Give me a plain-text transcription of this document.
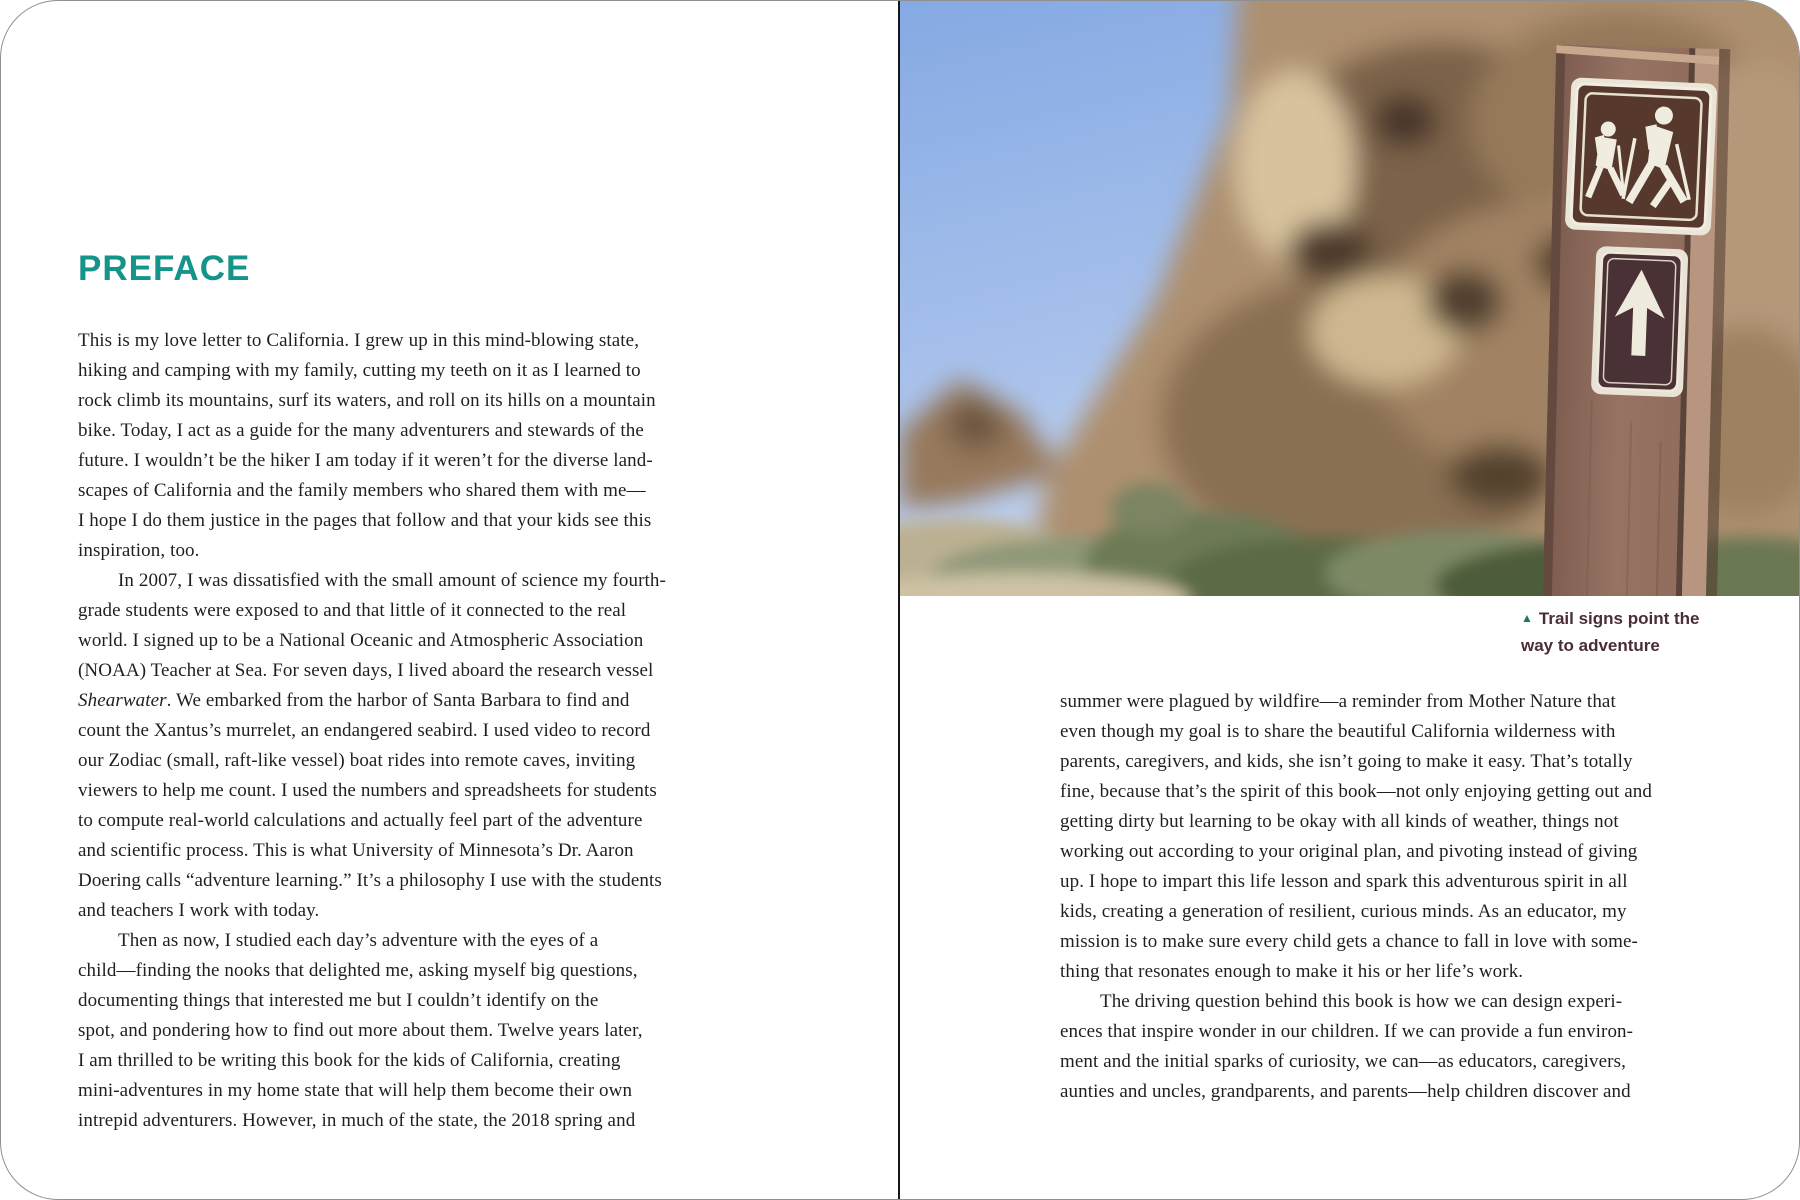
PREFACE
This is my love letter to California. I grew up in this mind-blowing state,
hiking and camping with my family, cutting my teeth on it as I learned to
rock climb its mountains, surf its waters, and roll on its hills on a mountain
bike. Today, I act as a guide for the many adventurers and stewards of the
future. I wouldn’t be the hiker I am today if it weren’t for the diverse land-
scapes of California and the family members who shared them with me—
I hope I do them justice in the pages that follow and that your kids see this
inspiration, too.
In 2007, I was dissatisfied with the small amount of science my fourth-
grade students were exposed to and that little of it connected to the real
world. I signed up to be a National Oceanic and Atmospheric Association
(NOAA) Teacher at Sea. For seven days, I lived aboard the research vessel
Shearwater. We embarked from the harbor of Santa Barbara to find and
count the Xantus’s murrelet, an endangered seabird. I used video to record
our Zodiac (small, raft-like vessel) boat rides into remote caves, inviting
viewers to help me count. I used the numbers and spreadsheets for students
to compute real-world calculations and actually feel part of the adventure
and scientific process. This is what University of Minnesota’s Dr. Aaron
Doering calls “adventure learning.” It’s a philosophy I use with the students
and teachers I work with today.
Then as now, I studied each day’s adventure with the eyes of a
child—finding the nooks that delighted me, asking myself big questions,
documenting things that interested me but I couldn’t identify on the
spot, and pondering how to find out more about them. Twelve years later,
I am thrilled to be writing this book for the kids of California, creating
mini-adventures in my home state that will help them become their own
intrepid adventurers. However, in much of the state, the 2018 spring and
▲ Trail signs point the
way to adventure
summer were plagued by wildfire—a reminder from Mother Nature that
even though my goal is to share the beautiful California wilderness with
parents, caregivers, and kids, she isn’t going to make it easy. That’s totally
fine, because that’s the spirit of this book—not only enjoying getting out and
getting dirty but learning to be okay with all kinds of weather, things not
working out according to your original plan, and pivoting instead of giving
up. I hope to impart this life lesson and spark this adventurous spirit in all
kids, creating a generation of resilient, curious minds. As an educator, my
mission is to make sure every child gets a chance to fall in love with some-
thing that resonates enough to make it his or her life’s work.
The driving question behind this book is how we can design experi-
ences that inspire wonder in our children. If we can provide a fun environ-
ment and the initial sparks of curiosity, we can—as educators, caregivers,
aunties and uncles, grandparents, and parents—help children discover and
